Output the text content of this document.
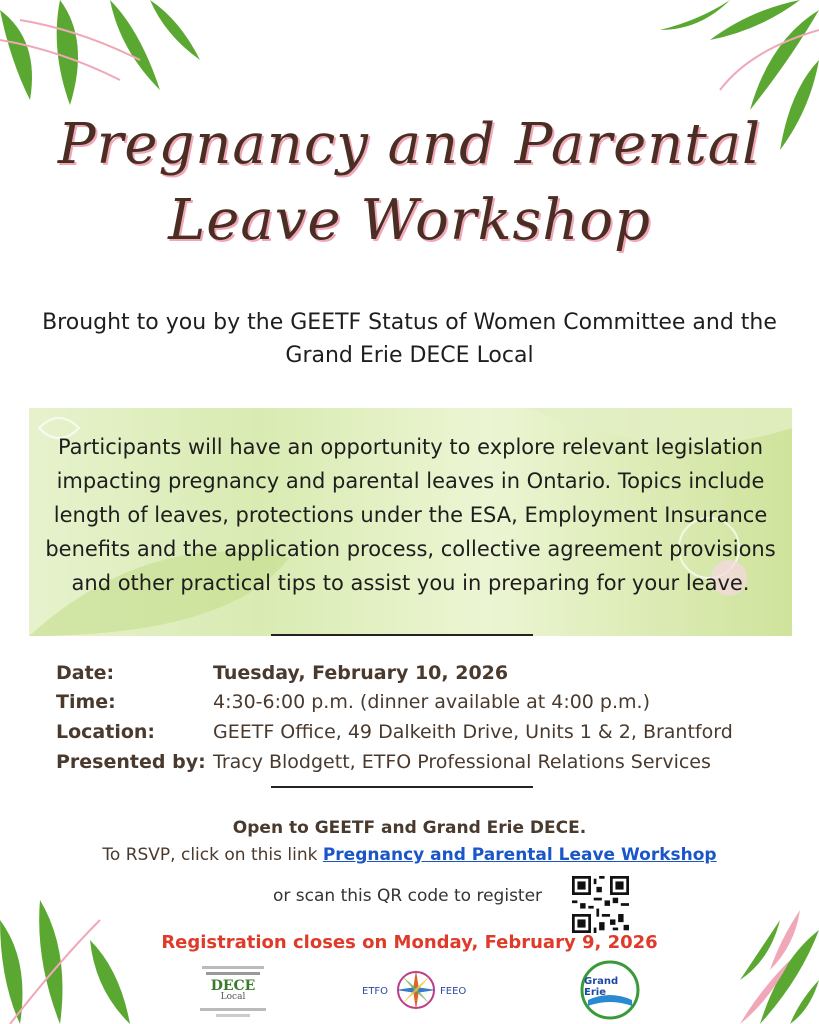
Pregnancy and Parental
Leave Workshop
Brought to you by the GEETF Status of Women Committee and the
Grand Erie DECE Local
Participants will have an opportunity to explore relevant legislation impacting pregnancy and parental leaves in Ontario. Topics include length of leaves, protections under the ESA, Employment Insurance benefits and the application process, collective agreement provisions and other practical tips to assist you in preparing for your leave.
Date:	Tuesday, February 10, 2026
Time:	4:30-6:00 p.m. (dinner available at 4:00 p.m.)
Location:	GEETF Office, 49 Dalkeith Drive, Units 1 & 2, Brantford
Presented by: Tracy Blodgett, ETFO Professional Relations Services
Open to GEETF and Grand Erie DECE.
To RSVP, click on this link Pregnancy and Parental Leave Workshop
or scan this QR code to register
Registration closes on Monday, February 9, 2026
DECE
Local	ETFO	FEEO
Grand Erie
